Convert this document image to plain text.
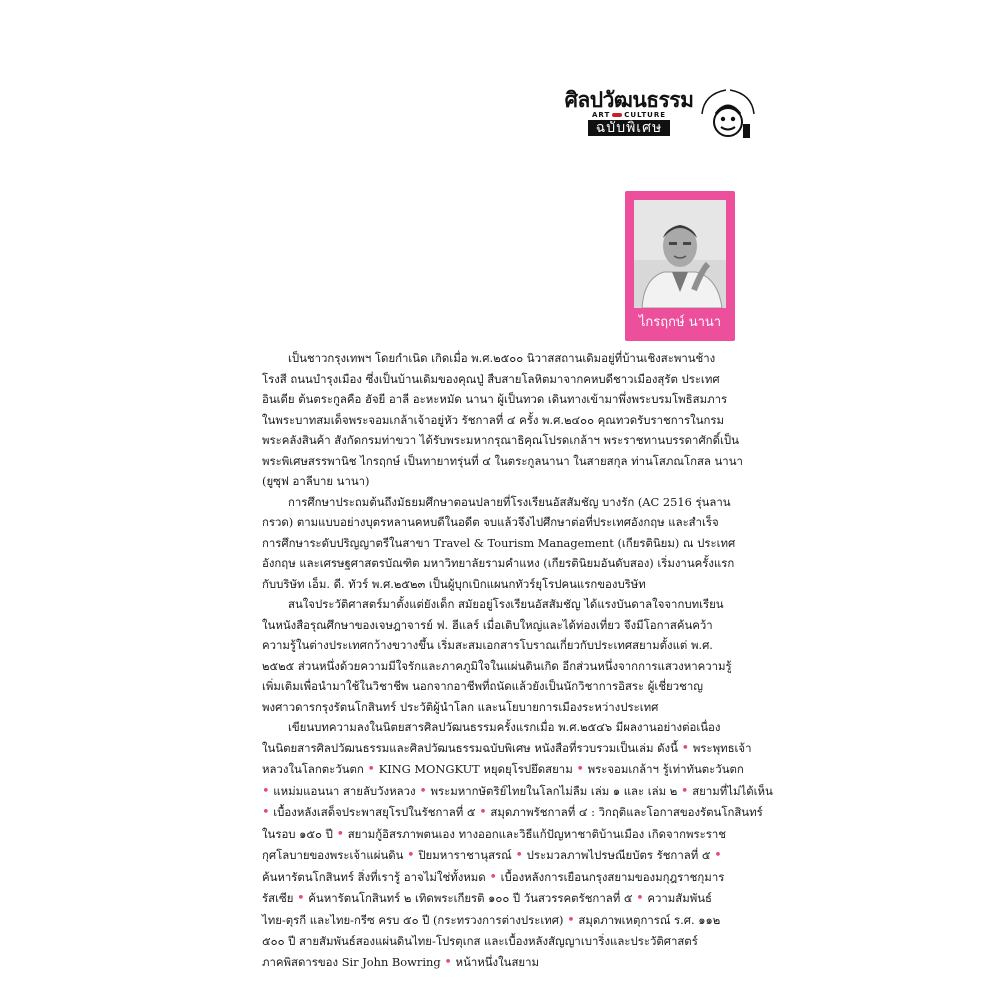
ศิลปวัฒนธรรม
ART CULTURE
ฉบับพิเศษ
ไกรฤกษ์ นานา

เป็นชาวกรุงเทพฯ โดยกำเนิด เกิดเมื่อ พ.ศ.๒๕๐๐ นิวาสสถานเดิมอยู่ที่บ้านเชิงสะพานช้าง
โรงสี ถนนบำรุงเมือง ซึ่งเป็นบ้านเดิมของคุณปู่ สืบสายโลหิตมาจากคหบดีชาวเมืองสุรัต ประเทศ
อินเดีย ต้นตระกูลคือ ฮัจยี อาลี อะหะหมัด นานา ผู้เป็นทวด เดินทางเข้ามาพึ่งพระบรมโพธิสมภาร
ในพระบาทสมเด็จพระจอมเกล้าเจ้าอยู่หัว รัชกาลที่ ๔ ครั้ง พ.ศ.๒๔๐๐ คุณทวดรับราชการในกรม
พระคลังสินค้า สังกัดกรมท่าขวา ได้รับพระมหากรุณาธิคุณโปรดเกล้าฯ พระราชทานบรรดาศักดิ์เป็น
พระพิเศษสรรพานิช ไกรฤกษ์ เป็นทายาทรุ่นที่ ๔ ในตระกูลนานา ในสายสกุล ท่านโสภณโกสล นานา
(ยูซุฟ อาลีบาย นานา)

การศึกษาประถมต้นถึงมัธยมศึกษาตอนปลายที่โรงเรียนอัสสัมชัญ บางรัก (AC 2516 รุ่นลาน
กรวด) ตามแบบอย่างบุตรหลานคหบดีในอดีต จบแล้วจึงไปศึกษาต่อที่ประเทศอังกฤษ และสำเร็จ
การศึกษาระดับปริญญาตรีในสาขา Travel & Tourism Management (เกียรตินิยม) ณ ประเทศ
อังกฤษ และเศรษฐศาสตรบัณฑิต มหาวิทยาลัยรามคำแหง (เกียรตินิยมอันดับสอง) เริ่มงานครั้งแรก
กับบริษัท เอ็ม. ดี. ทัวร์ พ.ศ.๒๕๒๓ เป็นผู้บุกเบิกแผนกทัวร์ยุโรปคนแรกของบริษัท

สนใจประวัติศาสตร์มาตั้งแต่ยังเด็ก สมัยอยู่โรงเรียนอัสสัมชัญ ได้แรงบันดาลใจจากบทเรียน
ในหนังสือรุณศึกษาของเจษฎาจารย์ ฟ. ฮีแลร์ เมื่อเติบใหญ่และได้ท่องเที่ยว จึงมีโอกาสค้นคว้า
ความรู้ในต่างประเทศกว้างขวางขึ้น เริ่มสะสมเอกสารโบราณเกี่ยวกับประเทศสยามตั้งแต่ พ.ศ.
๒๕๒๕ ส่วนหนึ่งด้วยความมีใจรักและภาคภูมิใจในแผ่นดินเกิด อีกส่วนหนึ่งจากการแสวงหาความรู้
เพิ่มเติมเพื่อนำมาใช้ในวิชาชีพ นอกจากอาชีพที่ถนัดแล้วยังเป็นนักวิชาการอิสระ ผู้เชี่ยวชาญ
พงศาวดารกรุงรัตนโกสินทร์ ประวัติผู้นำโลก และนโยบายการเมืองระหว่างประเทศ

เขียนบทความลงในนิตยสารศิลปวัฒนธรรมครั้งแรกเมื่อ พ.ศ.๒๕๔๖ มีผลงานอย่างต่อเนื่อง
ในนิตยสารศิลปวัฒนธรรมและศิลปวัฒนธรรมฉบับพิเศษ หนังสือที่รวบรวมเป็นเล่ม ดังนี้ • พระพุทธเจ้า
หลวงในโลกตะวันตก • KING MONGKUT หยุดยุโรปยึดสยาม • พระจอมเกล้าฯ รู้เท่าทันตะวันตก
• แหม่มแอนนา สายลับวังหลวง • พระมหากษัตริย์ไทยในโลกไม่ลืม เล่ม ๑ และ เล่ม ๒ • สยามที่ไม่ได้เห็น
• เบื้องหลังเสด็จประพาสยุโรปในรัชกาลที่ ๕ • สมุดภาพรัชกาลที่ ๔ : วิกฤติและโอกาสของรัตนโกสินทร์
ในรอบ ๑๕๐ ปี • สยามกู้อิสรภาพตนเอง ทางออกและวิธีแก้ปัญหาชาติบ้านเมือง เกิดจากพระราช
กุศโลบายของพระเจ้าแผ่นดิน • ปิยมหาราชานุสรณ์ • ประมวลภาพไปรษณียบัตร รัชกาลที่ ๕ •
ค้นหารัตนโกสินทร์ สิ่งที่เรารู้ อาจไม่ใช่ทั้งหมด • เบื้องหลังการเยือนกรุงสยามของมกุฎราชกุมาร
รัสเซีย • ค้นหารัตนโกสินทร์ ๒ เทิดพระเกียรติ ๑๐๐ ปี วันสวรรคตรัชกาลที่ ๕ • ความสัมพันธ์
ไทย-ตุรกี และไทย-กรีซ ครบ ๕๐ ปี (กระทรวงการต่างประเทศ) • สมุดภาพเหตุการณ์ ร.ศ. ๑๑๒
๕๐๐ ปี สายสัมพันธ์สองแผ่นดินไทย-โปรตุเกส และเบื้องหลังสัญญาเบาริ่งและประวัติศาสตร์
ภาคพิสดารของ Sir John Bowring • หน้าหนึ่งในสยาม
